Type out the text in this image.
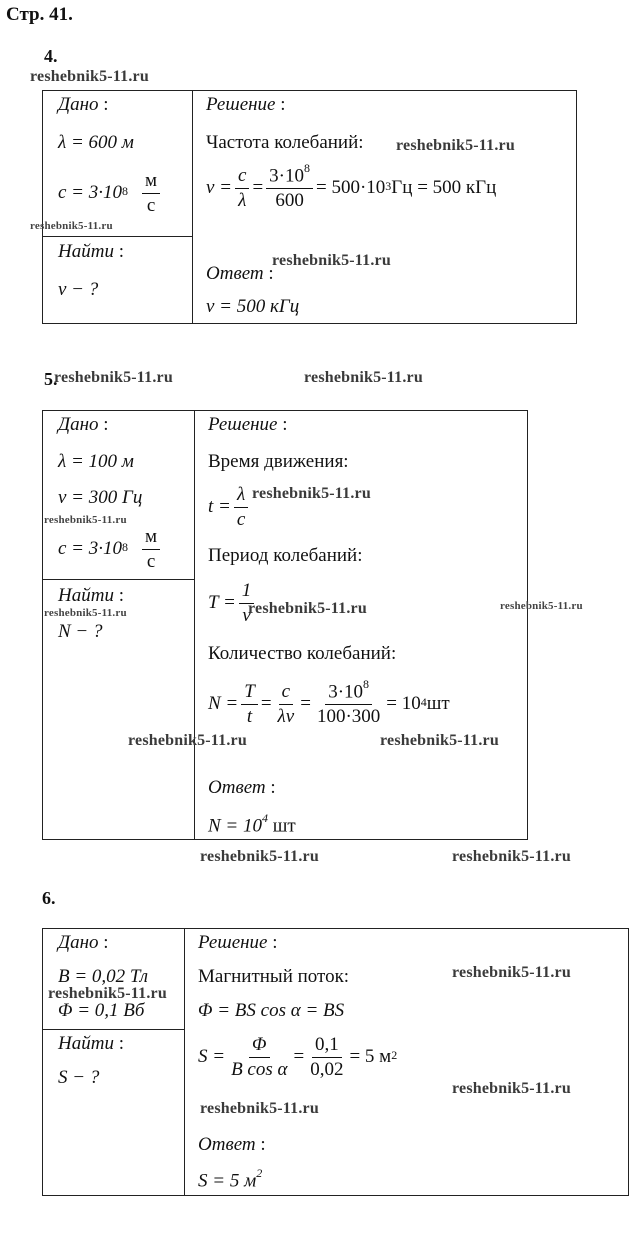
Стр. 41.
4.
reshebnik5-11.ru
Дано :
λ = 600 м
$c = 3\cdot 10^8 \frac{м}{с}$
reshebnik5-11.ru
Найти :
ν − ?
Решение :
Частота колебаний: reshebnik5-11.ru
$\nu = \frac{c}{\lambda} = \frac{3\cdot 10^8}{600} = 500\cdot 10^3$ Гц = 500 кГц
reshebnik5-11.ru
Ответ :
ν = 500 кГц
5.
reshebnik5-11.ru	reshebnik5-11.ru
Дано :
λ = 100 м
ν = 300 Гц
reshebnik5-11.ru
$c = 3\cdot 10^8 \frac{м}{с}$
Найти :
reshebnik5-11.ru
N − ?
Решение :
Время движения:
$t = \frac{\lambda}{c}$ reshebnik5-11.ru
Период колебаний:
$T = \frac{1}{\nu}$
reshebnik5-11.ru	reshebnik5-11.ru
Количество колебаний:
$N = \frac{T}{t} = \frac{c}{\lambda\nu} = \frac{3\cdot 10^8}{100\cdot 300} = 10^4$ шт
reshebnik5-11.ru	reshebnik5-11.ru
Ответ :
$N = 10^4$ шт
reshebnik5-11.ru	reshebnik5-11.ru
6.
Дано :
B = 0,02 Тл
reshebnik5-11.ru
Φ = 0,1 Вб
Найти :
S − ?
Решение :
Магнитный поток:	reshebnik5-11.ru
Φ = BS cos α = BS
$S = \frac{\Phi}{\text{B cos α}} = \frac{0,1}{0,02} = 5$ $м^2$
reshebnik5-11.ru
reshebnik5-11.ru
Ответ :
S = 5 $м^2$
